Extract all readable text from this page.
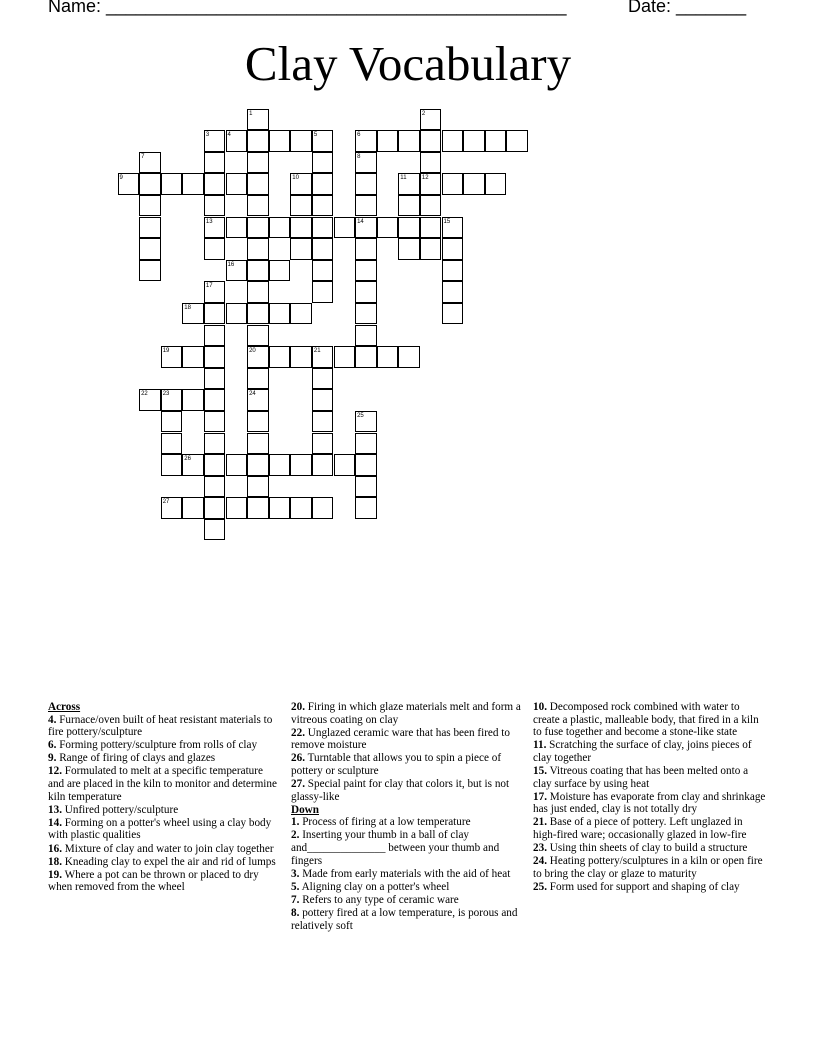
Name: ______________________________________________	Date: _______
Clay Vocabulary
1
20
24
4
3
13
7
9
5	6
2
12
8
14
10	11
15
16
17
18
19	21
22 23
25
26
27
Across
4. Furnace/oven built of heat resistant materials to fire pottery/sculpture
6. Forming pottery/sculpture from rolls of clay
9. Range of firing of clays and glazes
12. Formulated to melt at a specific temperature and are placed in the kiln to monitor and determine kiln temperature
13. Unfired pottery/sculpture
14. Forming on a potter's wheel using a clay body with plastic qualities
16. Mixture of clay and water to join clay together
18. Kneading clay to expel the air and rid of lumps
19. Where a pot can be thrown or placed to dry when removed from the wheel
20. Firing in which glaze materials melt and form a vitreous coating on clay
22. Unglazed ceramic ware that has been fired to remove moisture
26. Turntable that allows you to spin a piece of pottery or sculpture
27. Special paint for clay that colors it, but is not glassy-like
Down
1. Process of firing at a low temperature
2. Inserting your thumb in a ball of clay and______________ between your thumb and fingers
3. Made from early materials with the aid of heat
5. Aligning clay on a potter's wheel
7. Refers to any type of ceramic ware
8. pottery fired at a low temperature, is porous and relatively soft
10. Decomposed rock combined with water to create a plastic, malleable body, that fired in a kiln to fuse together and become a stone-like state
11. Scratching the surface of clay, joins pieces of clay together
15. Vitreous coating that has been melted onto a clay surface by using heat
17. Moisture has evaporate from clay and shrinkage has just ended, clay is not totally dry
21. Base of a piece of pottery. Left unglazed in high-fired ware; occasionally glazed in low-fire
23. Using thin sheets of clay to build a structure
24. Heating pottery/sculptures in a kiln or open fire to bring the clay or glaze to maturity
25. Form used for support and shaping of clay
